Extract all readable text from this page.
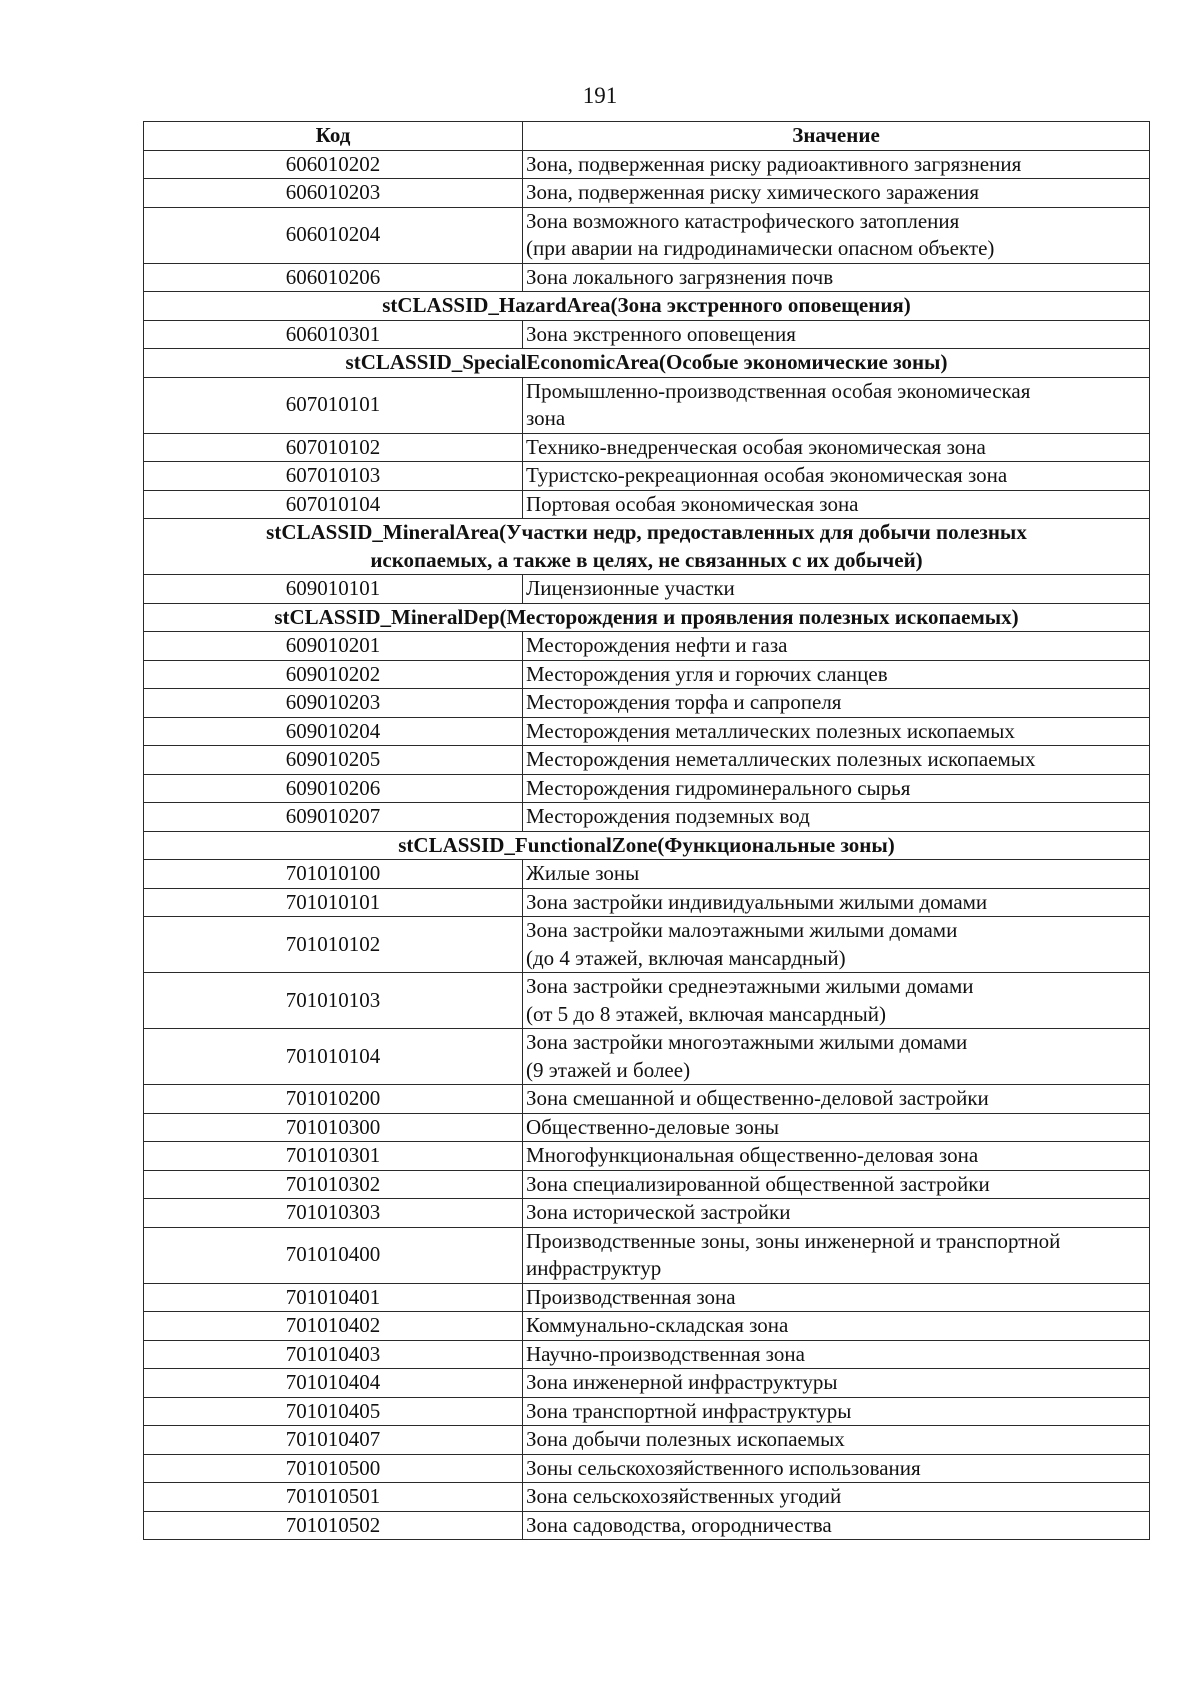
191
Код	Значение
606010202	Зона, подверженная риску радиоактивного загрязнения

606010203	Зона, подверженная риску химического заражения

606010204	Зона возможного катастрофического затопления
(при аварии на гидродинамически опасном объекте)

606010206	Зона локального загрязнения почв

stCLASSID_HazardArea(Зона экстренного оповещения)	

606010301	Зона экстренного оповещения

stCLASSID_SpecialEconomicArea(Особые экономические зоны)	

607010101	Промышленно-производственная особая экономическая
зона

607010102	Технико-внедренческая особая экономическая зона

607010103	Туристско-рекреационная особая экономическая зона

607010104	Портовая особая экономическая зона

stCLASSID_MineralArea(Участки недр, предоставленных для добычи полезных
ископаемых, а также в целях, не связанных с их добычей)	

609010101	Лицензионные участки

stCLASSID_MineralDep(Месторождения и проявления полезных ископаемых)	

609010201	Месторождения нефти и газа

609010202	Месторождения угля и горючих сланцев

609010203	Месторождения торфа и сапропеля

609010204	Месторождения металлических полезных ископаемых

609010205	Месторождения неметаллических полезных ископаемых

609010206	Месторождения гидроминерального сырья

609010207	Месторождения подземных вод

stCLASSID_FunctionalZone(Функциональные зоны)	

701010100	Жилые зоны

701010101	Зона застройки индивидуальными жилыми домами

701010102	Зона застройки малоэтажными жилыми домами
(до 4 этажей, включая мансардный)

701010103	Зона застройки среднеэтажными жилыми домами
(от 5 до 8 этажей, включая мансардный)

701010104	Зона застройки многоэтажными жилыми домами
(9 этажей и более)

701010200	Зона смешанной и общественно-деловой застройки

701010300	Общественно-деловые зоны

701010301	Многофункциональная общественно-деловая зона

701010302	Зона специализированной общественной застройки

701010303	Зона исторической застройки

701010400	Производственные зоны, зоны инженерной и транспортной
инфраструктур

701010401	Производственная зона

701010402	Коммунально-складская зона

701010403	Научно-производственная зона

701010404	Зона инженерной инфраструктуры

701010405	Зона транспортной инфраструктуры

701010407	Зона добычи полезных ископаемых

701010500	Зоны сельскохозяйственного использования

701010501	Зона сельскохозяйственных угодий

701010502	Зона садоводства, огородничества
